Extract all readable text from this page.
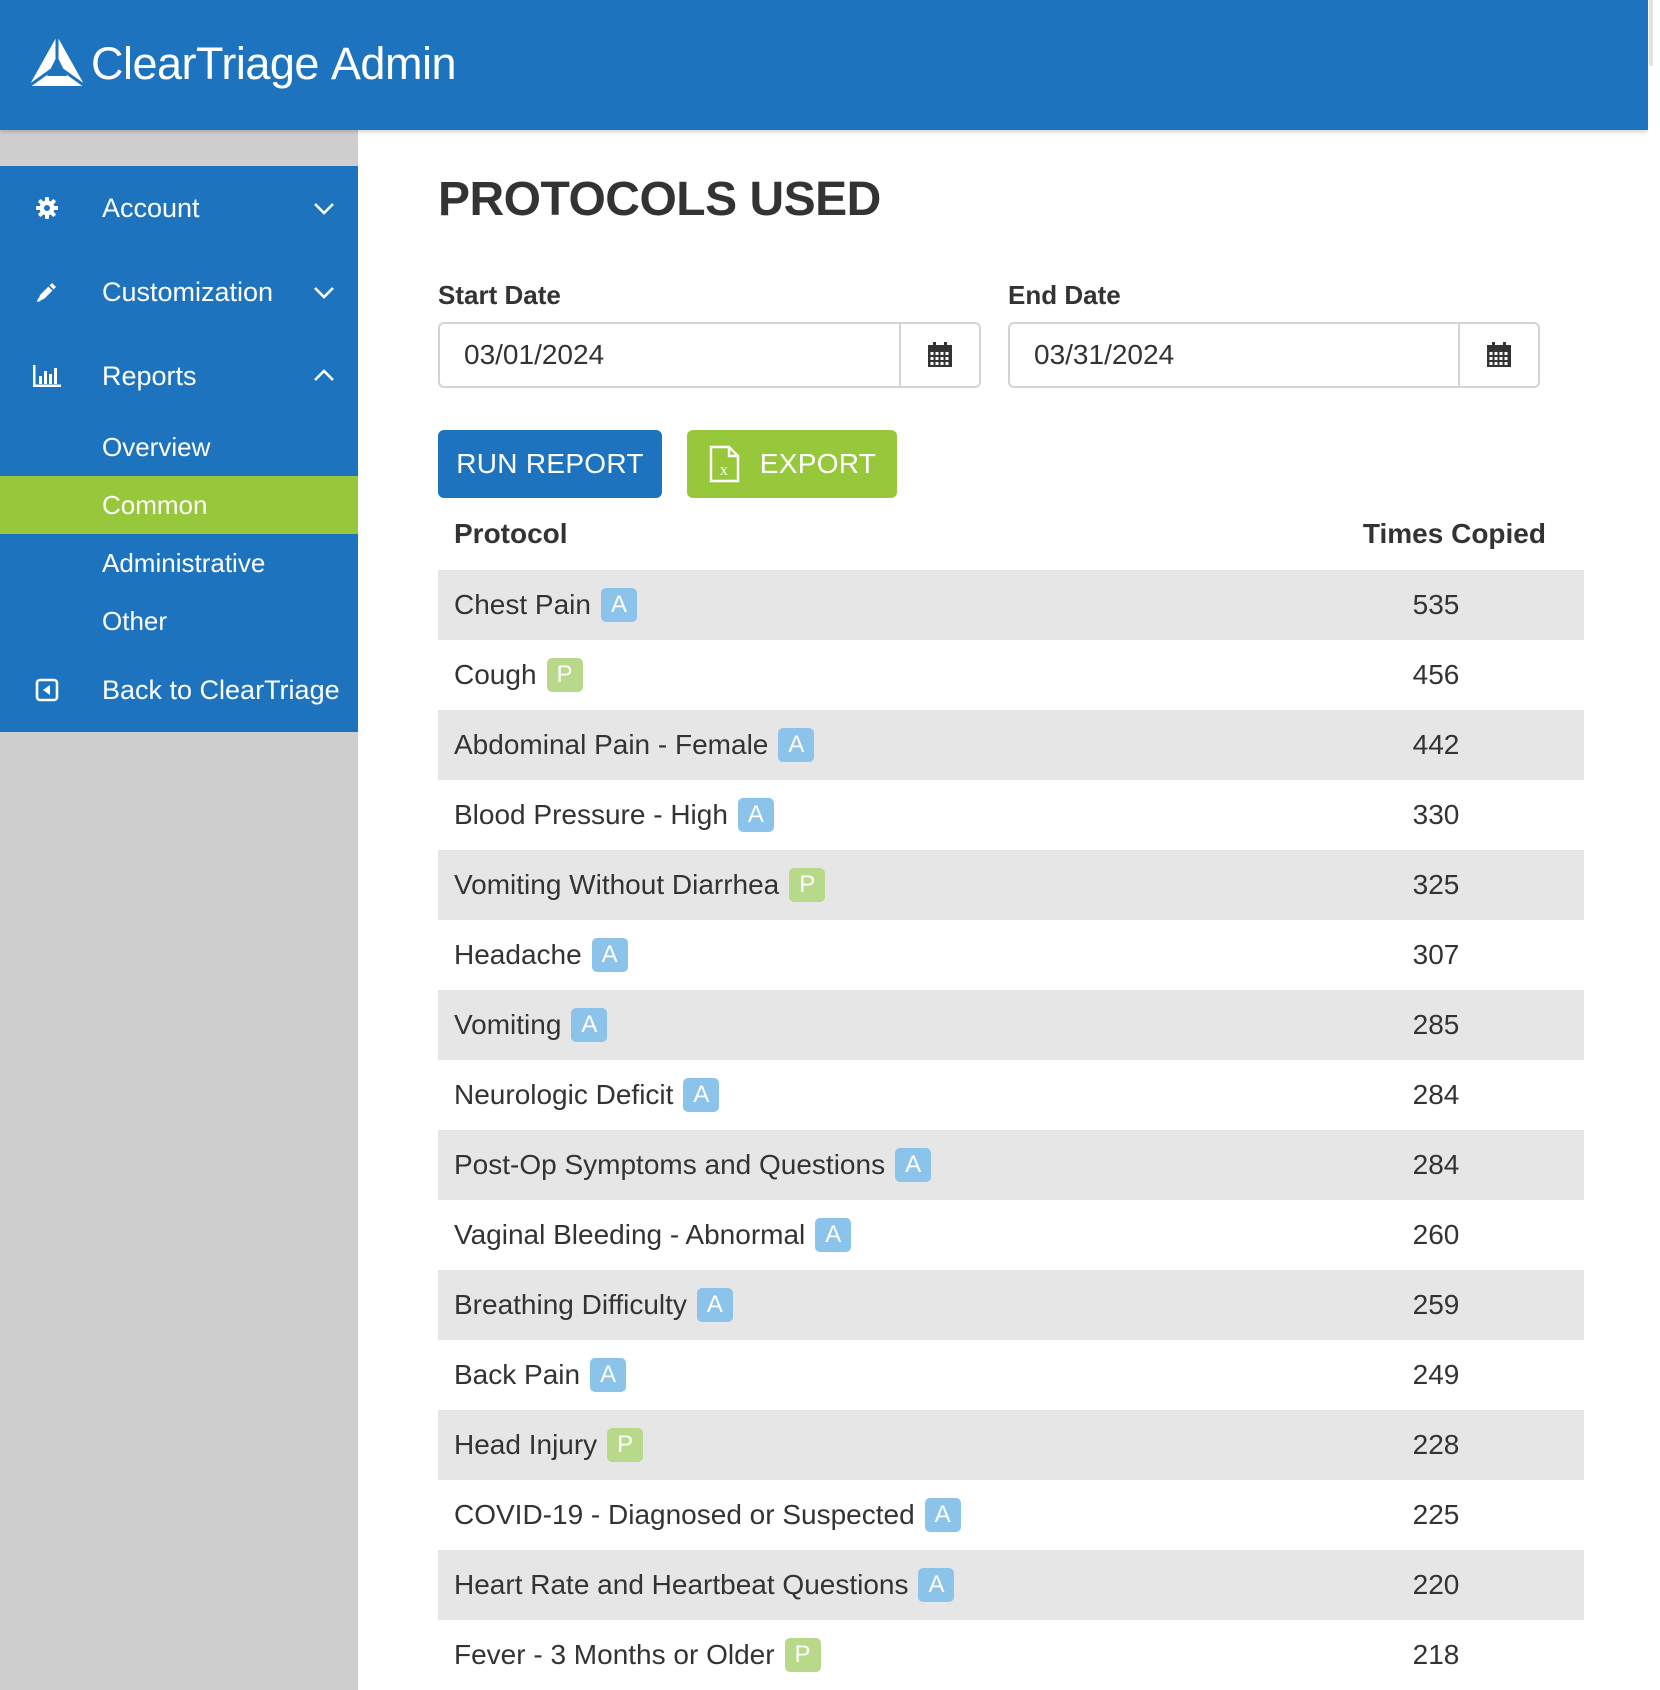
ClearTriage Admin
Account
Customization
Reports
Overview
Common
Administrative
Other
Back to ClearTriage
PROTOCOLS USED
Start Date
03/01/2024	End Date
03/31/2024
RUN REPORT	x EXPORT
Protocol	Times Copied
Chest Pain A	535
Cough P	456
Abdominal Pain - Female A	442
Blood Pressure - High A	330
Vomiting Without Diarrhea P	325
Headache A	307
Vomiting A	285
Neurologic Deficit A	284
Post-Op Symptoms and Questions A	284
Vaginal Bleeding - Abnormal A	260
Breathing Difficulty A	259
Back Pain A	249
Head Injury P	228
COVID-19 - Diagnosed or Suspected A	225
Heart Rate and Heartbeat Questions A	220
Fever - 3 Months or Older P	218
